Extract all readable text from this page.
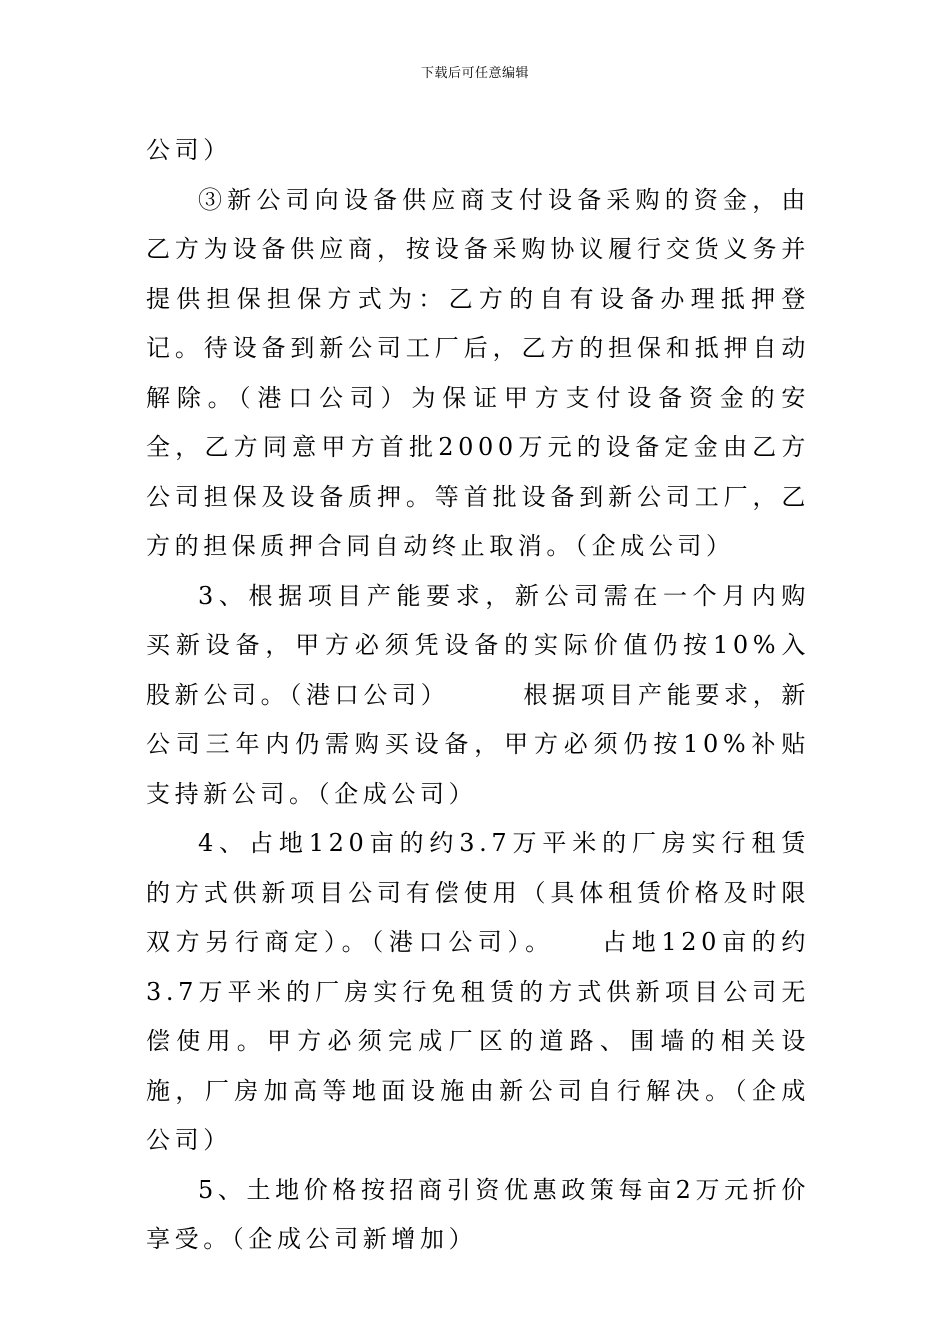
下载后可任意编辑

公司）

③新公司向设备供应商支付设备采购的资金，由乙方为设备供应商，按设备采购协议履行交货义务并提供担保担保方式为：乙方的自有设备办理抵押登记。待设备到新公司工厂后，乙方的担保和抵押自动解除。（港口公司）为保证甲方支付设备资金的安全，乙方同意甲方首批2000万元的设备定金由乙方公司担保及设备质押。等首批设备到新公司工厂，乙方的担保质押合同自动终止取消。（企成公司）

3、根据项目产能要求，新公司需在一个月内购买新设备，甲方必须凭设备的实际价值仍按10%入股新公司。（港口公司）　　　根据项目产能要求，新公司三年内仍需购买设备，甲方必须仍按10%补贴支持新公司。（企成公司）

4、占地120亩的约3.7万平米的厂房实行租赁的方式供新项目公司有偿使用（具体租赁价格及时限双方另行商定）。（港口公司）。　　占地120亩的约3.7万平米的厂房实行免租赁的方式供新项目公司无偿使用。甲方必须完成厂区的道路、围墙的相关设施，厂房加高等地面设施由新公司自行解决。（企成公司）

5、土地价格按招商引资优惠政策每亩2万元折价享受。（企成公司新增加）
